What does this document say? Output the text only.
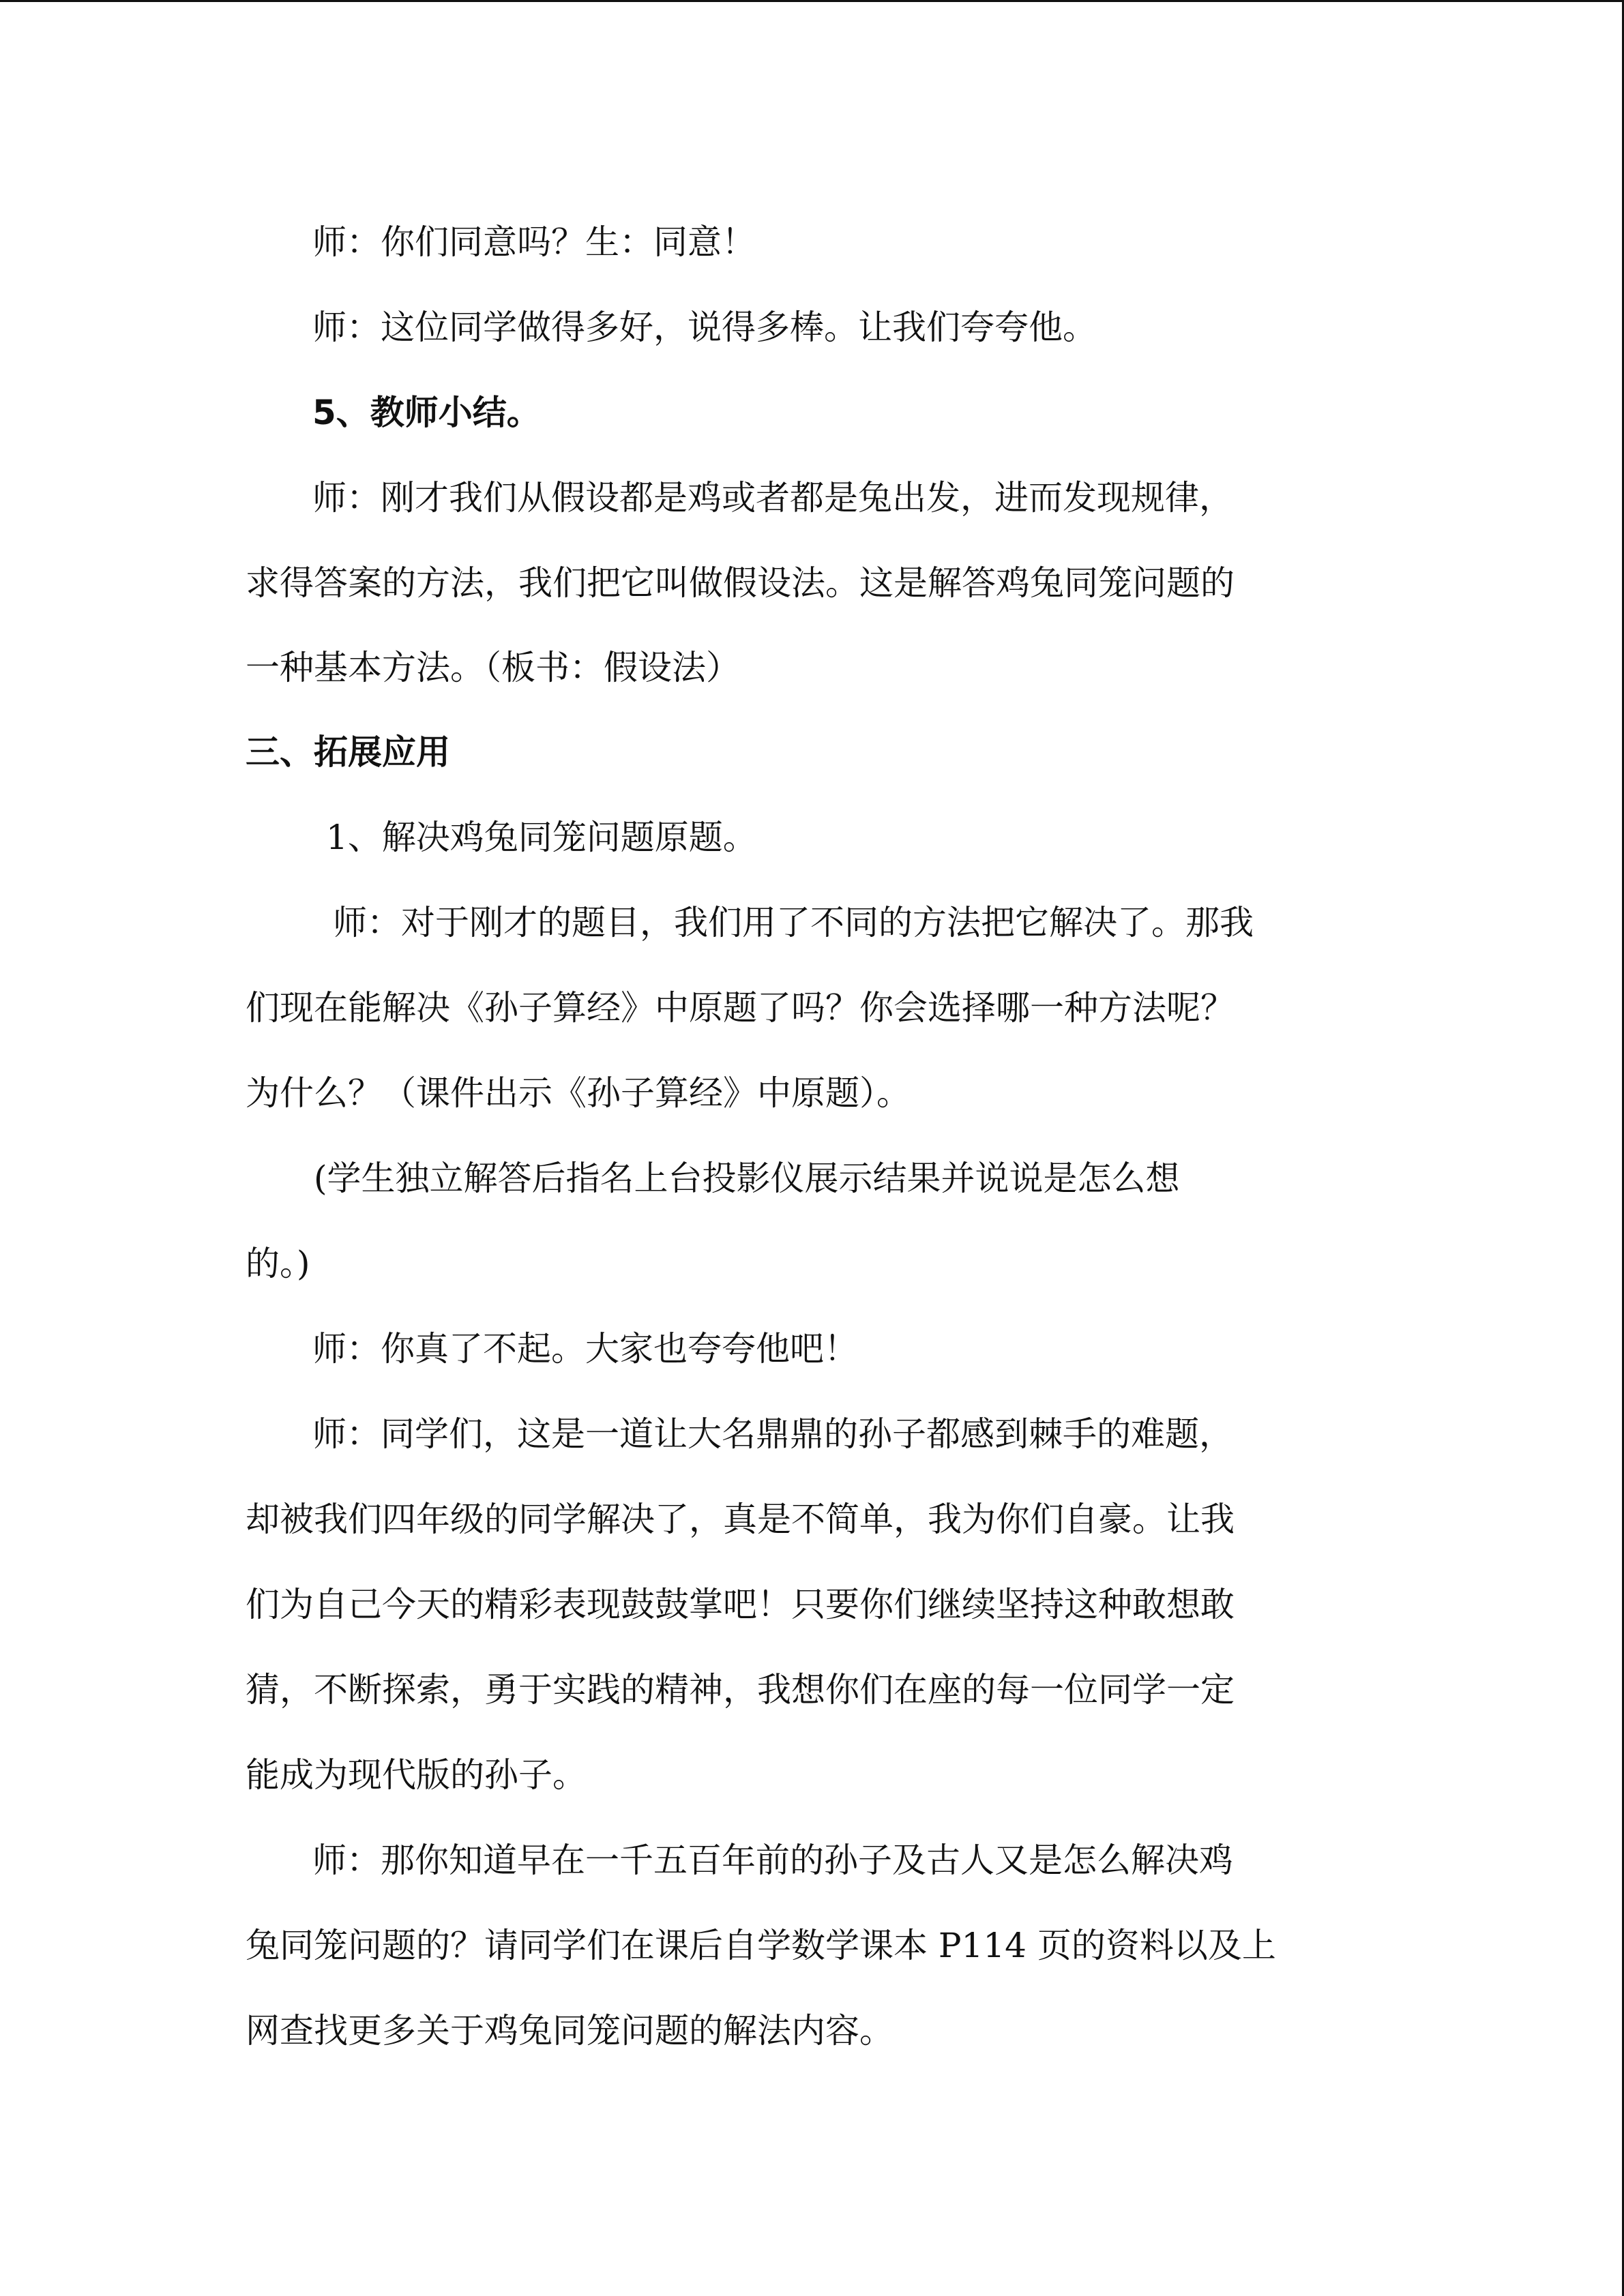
师：你们同意吗？生：同意！
师：这位同学做得多好，说得多棒。让我们夸夸他。
5、教师小结。
师：刚才我们从假设都是鸡或者都是兔出发，进而发现规律，
求得答案的方法，我们把它叫做假设法。这是解答鸡兔同笼问题的
一种基本方法。（板书：假设法）
三、拓展应用
1、解决鸡兔同笼问题原题。
师：对于刚才的题目，我们用了不同的方法把它解决了。那我
们现在能解决《孙子算经》中原题了吗？你会选择哪一种方法呢？
为什么？（课件出示《孙子算经》中原题）。
(学生独立解答后指名上台投影仪展示结果并说说是怎么想
的。)
师：你真了不起。大家也夸夸他吧！
师：同学们，这是一道让大名鼎鼎的孙子都感到棘手的难题，
却被我们四年级的同学解决了，真是不简单，我为你们自豪。让我
们为自己今天的精彩表现鼓鼓掌吧！只要你们继续坚持这种敢想敢
猜，不断探索，勇于实践的精神，我想你们在座的每一位同学一定
能成为现代版的孙子。
师：那你知道早在一千五百年前的孙子及古人又是怎么解决鸡
兔同笼问题的？请同学们在课后自学数学课本 P114 页的资料以及上
网查找更多关于鸡兔同笼问题的解法内容。
